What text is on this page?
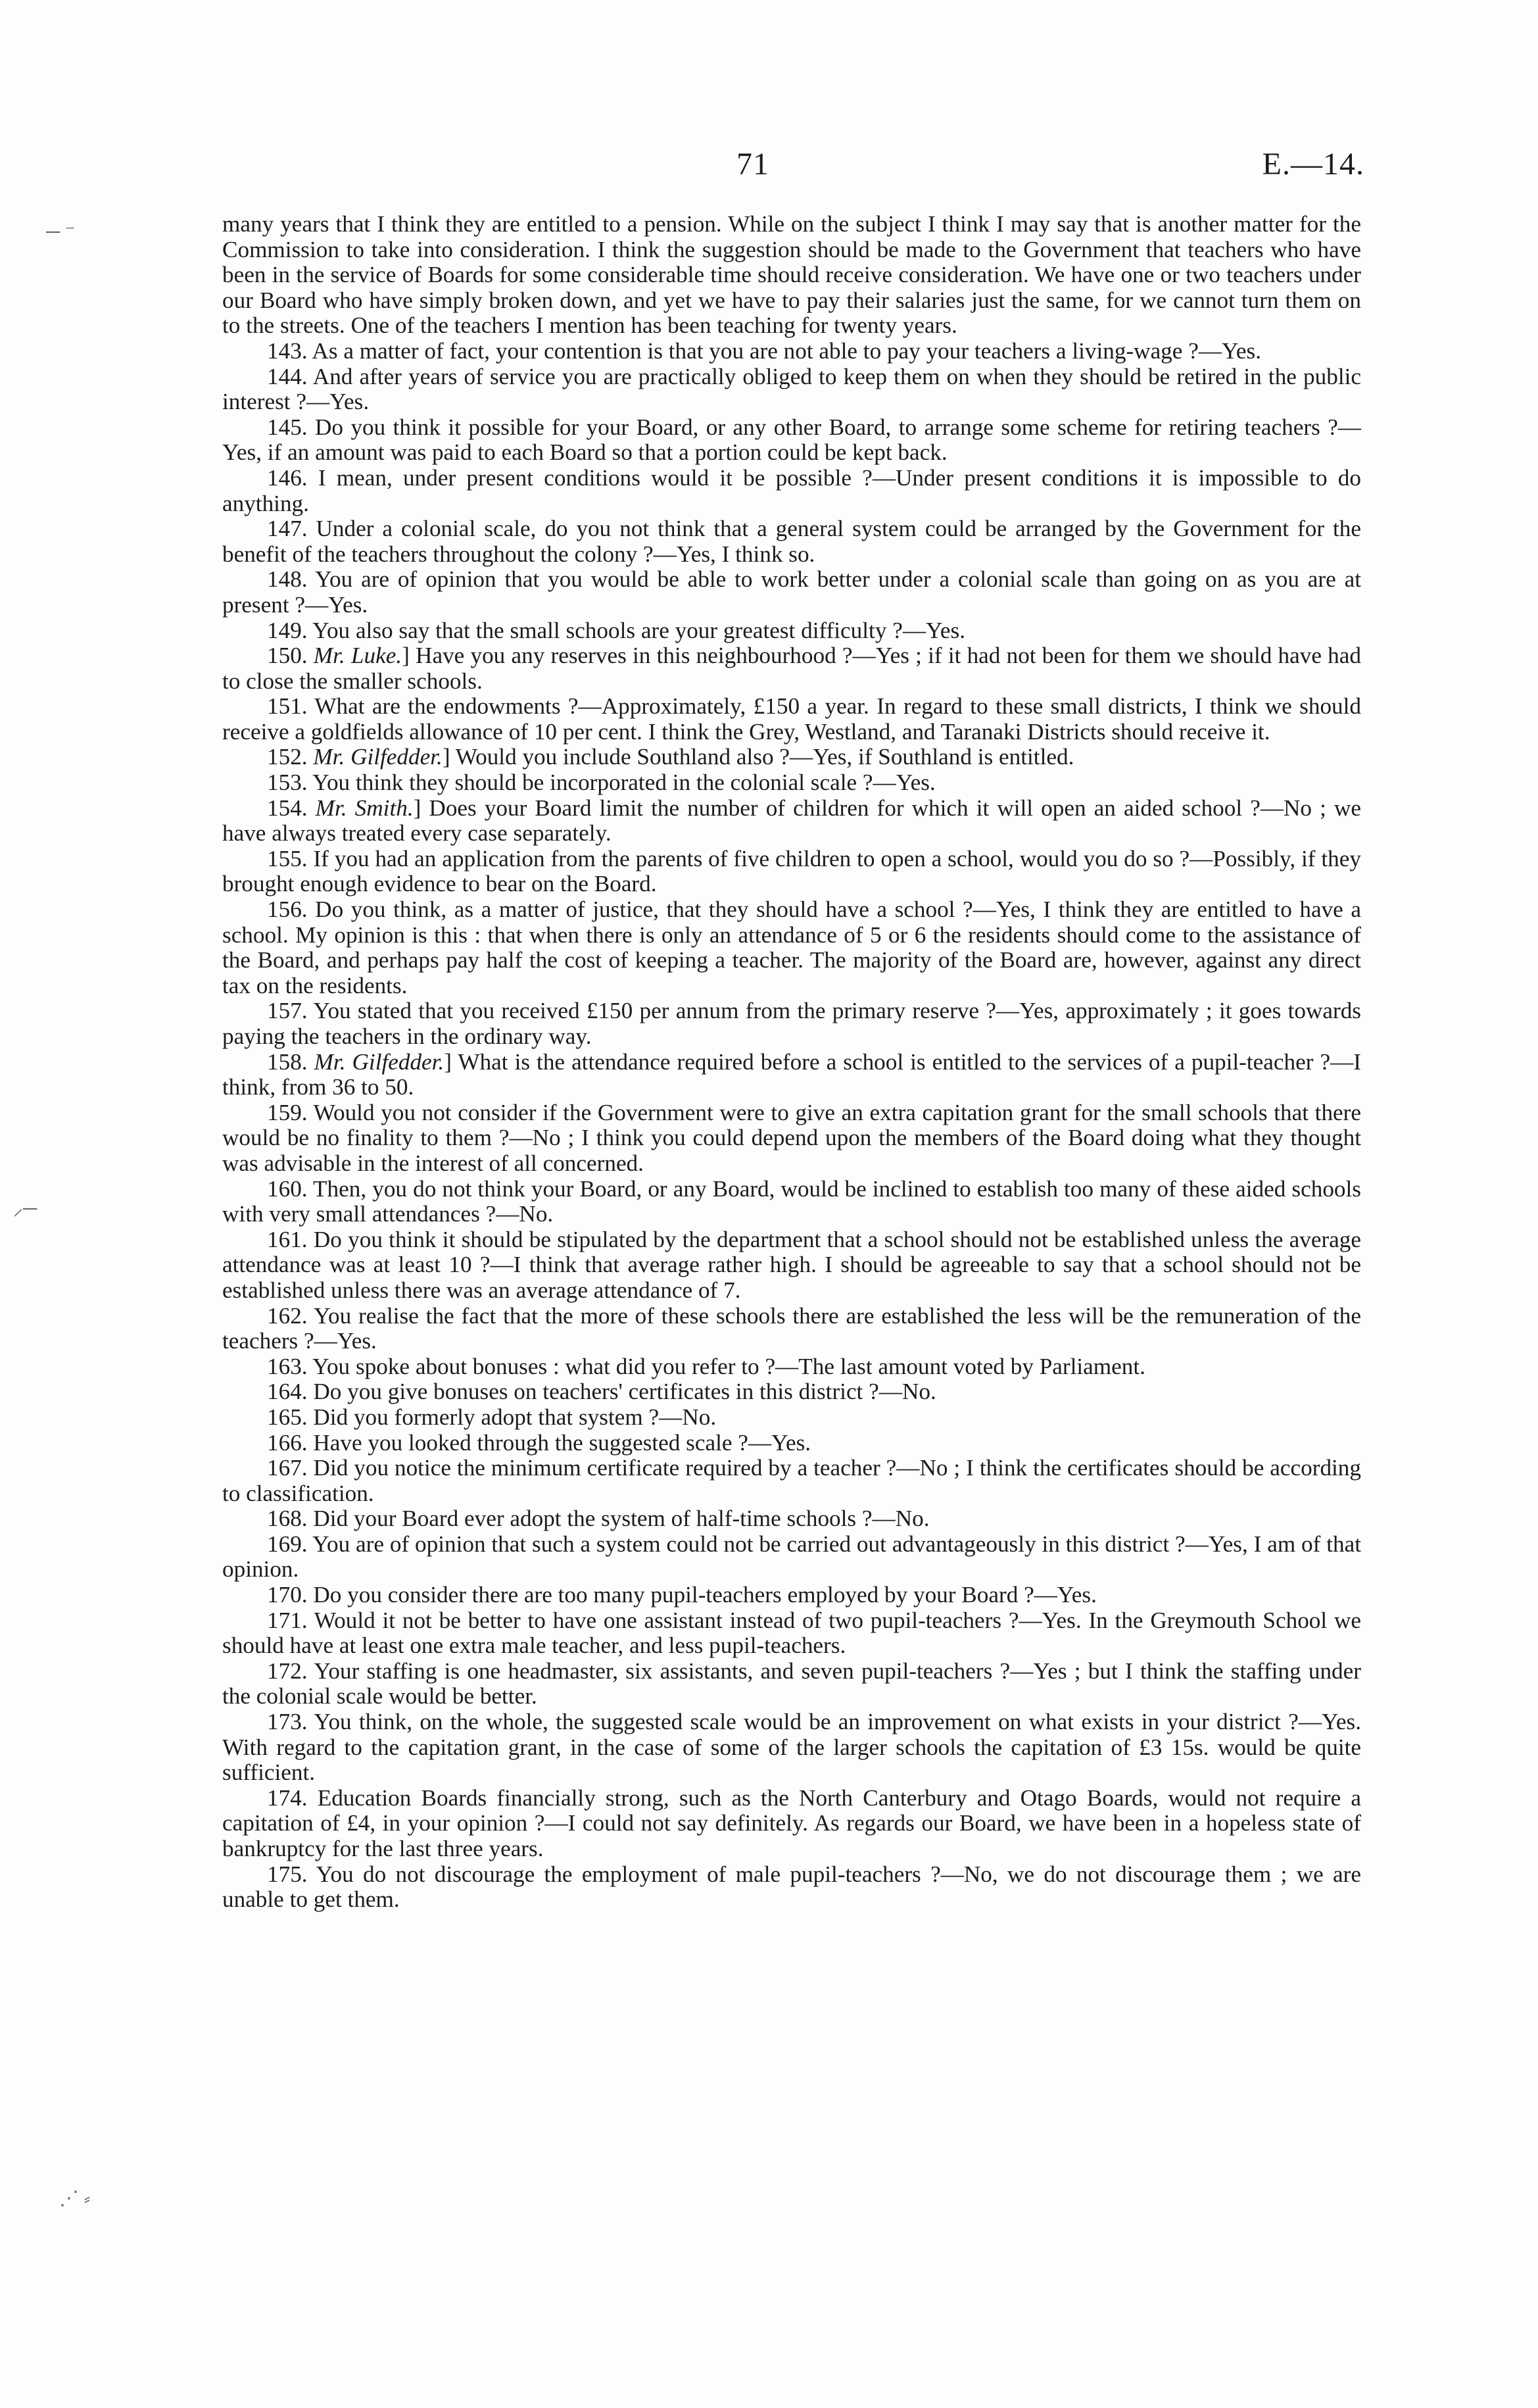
71	E.—14.
─ ⁻
⸝─
⋰ ⸗

many years that I think they are entitled to a pension. While on the subject I think I may say that is another matter for the Commission to take into consideration. I think the suggestion should be made to the Government that teachers who have been in the service of Boards for some considerable time should receive consideration. We have one or two teachers under our Board who have simply broken down, and yet we have to pay their salaries just the same, for we cannot turn them on to the streets. One of the teachers I mention has been teaching for twenty years.

143. As a matter of fact, your contention is that you are not able to pay your teachers a living-wage ?—Yes.

144. And after years of service you are practically obliged to keep them on when they should be retired in the public interest ?—Yes.

145. Do you think it possible for your Board, or any other Board, to arrange some scheme for retiring teachers ?—Yes, if an amount was paid to each Board so that a portion could be kept back.

146. I mean, under present conditions would it be possible ?—Under present conditions it is impossible to do anything.

147. Under a colonial scale, do you not think that a general system could be arranged by the Government for the benefit of the teachers throughout the colony ?—Yes, I think so.

148. You are of opinion that you would be able to work better under a colonial scale than going on as you are at present ?—Yes.

149. You also say that the small schools are your greatest difficulty ?—Yes.

150. Mr. Luke.] Have you any reserves in this neighbourhood ?—Yes ; if it had not been for them we should have had to close the smaller schools.

151. What are the endowments ?—Approximately, £150 a year. In regard to these small districts, I think we should receive a goldfields allowance of 10 per cent. I think the Grey, Westland, and Taranaki Districts should receive it.

152. Mr. Gilfedder.] Would you include Southland also ?—Yes, if Southland is entitled.

153. You think they should be incorporated in the colonial scale ?—Yes.

154. Mr. Smith.] Does your Board limit the number of children for which it will open an aided school ?—No ; we have always treated every case separately.

155. If you had an application from the parents of five children to open a school, would you do so ?—Possibly, if they brought enough evidence to bear on the Board.

156. Do you think, as a matter of justice, that they should have a school ?—Yes, I think they are entitled to have a school. My opinion is this : that when there is only an attendance of 5 or 6 the residents should come to the assistance of the Board, and perhaps pay half the cost of keeping a teacher. The majority of the Board are, however, against any direct tax on the residents.

157. You stated that you received £150 per annum from the primary reserve ?—Yes, approximately ; it goes towards paying the teachers in the ordinary way.

158. Mr. Gilfedder.] What is the attendance required before a school is entitled to the services of a pupil-teacher ?—I think, from 36 to 50.

159. Would you not consider if the Government were to give an extra capitation grant for the small schools that there would be no finality to them ?—No ; I think you could depend upon the members of the Board doing what they thought was advisable in the interest of all concerned.

160. Then, you do not think your Board, or any Board, would be inclined to establish too many of these aided schools with very small attendances ?—No.

161. Do you think it should be stipulated by the department that a school should not be established unless the average attendance was at least 10 ?—I think that average rather high. I should be agreeable to say that a school should not be established unless there was an average attendance of 7.

162. You realise the fact that the more of these schools there are established the less will be the remuneration of the teachers ?—Yes.

163. You spoke about bonuses : what did you refer to ?—The last amount voted by Parliament.

164. Do you give bonuses on teachers' certificates in this district ?—No.

165. Did you formerly adopt that system ?—No.

166. Have you looked through the suggested scale ?—Yes.

167. Did you notice the minimum certificate required by a teacher ?—No ; I think the certificates should be according to classification.

168. Did your Board ever adopt the system of half-time schools ?—No.

169. You are of opinion that such a system could not be carried out advantageously in this district ?—Yes, I am of that opinion.

170. Do you consider there are too many pupil-teachers employed by your Board ?—Yes.

171. Would it not be better to have one assistant instead of two pupil-teachers ?—Yes. In the Greymouth School we should have at least one extra male teacher, and less pupil-teachers.

172. Your staffing is one headmaster, six assistants, and seven pupil-teachers ?—Yes ; but I think the staffing under the colonial scale would be better.

173. You think, on the whole, the suggested scale would be an improvement on what exists in your district ?—Yes. With regard to the capitation grant, in the case of some of the larger schools the capitation of £3 15s. would be quite sufficient.

174. Education Boards financially strong, such as the North Canterbury and Otago Boards, would not require a capitation of £4, in your opinion ?—I could not say definitely. As regards our Board, we have been in a hopeless state of bankruptcy for the last three years.

175. You do not discourage the employment of male pupil-teachers ?—No, we do not discourage them ; we are unable to get them.
